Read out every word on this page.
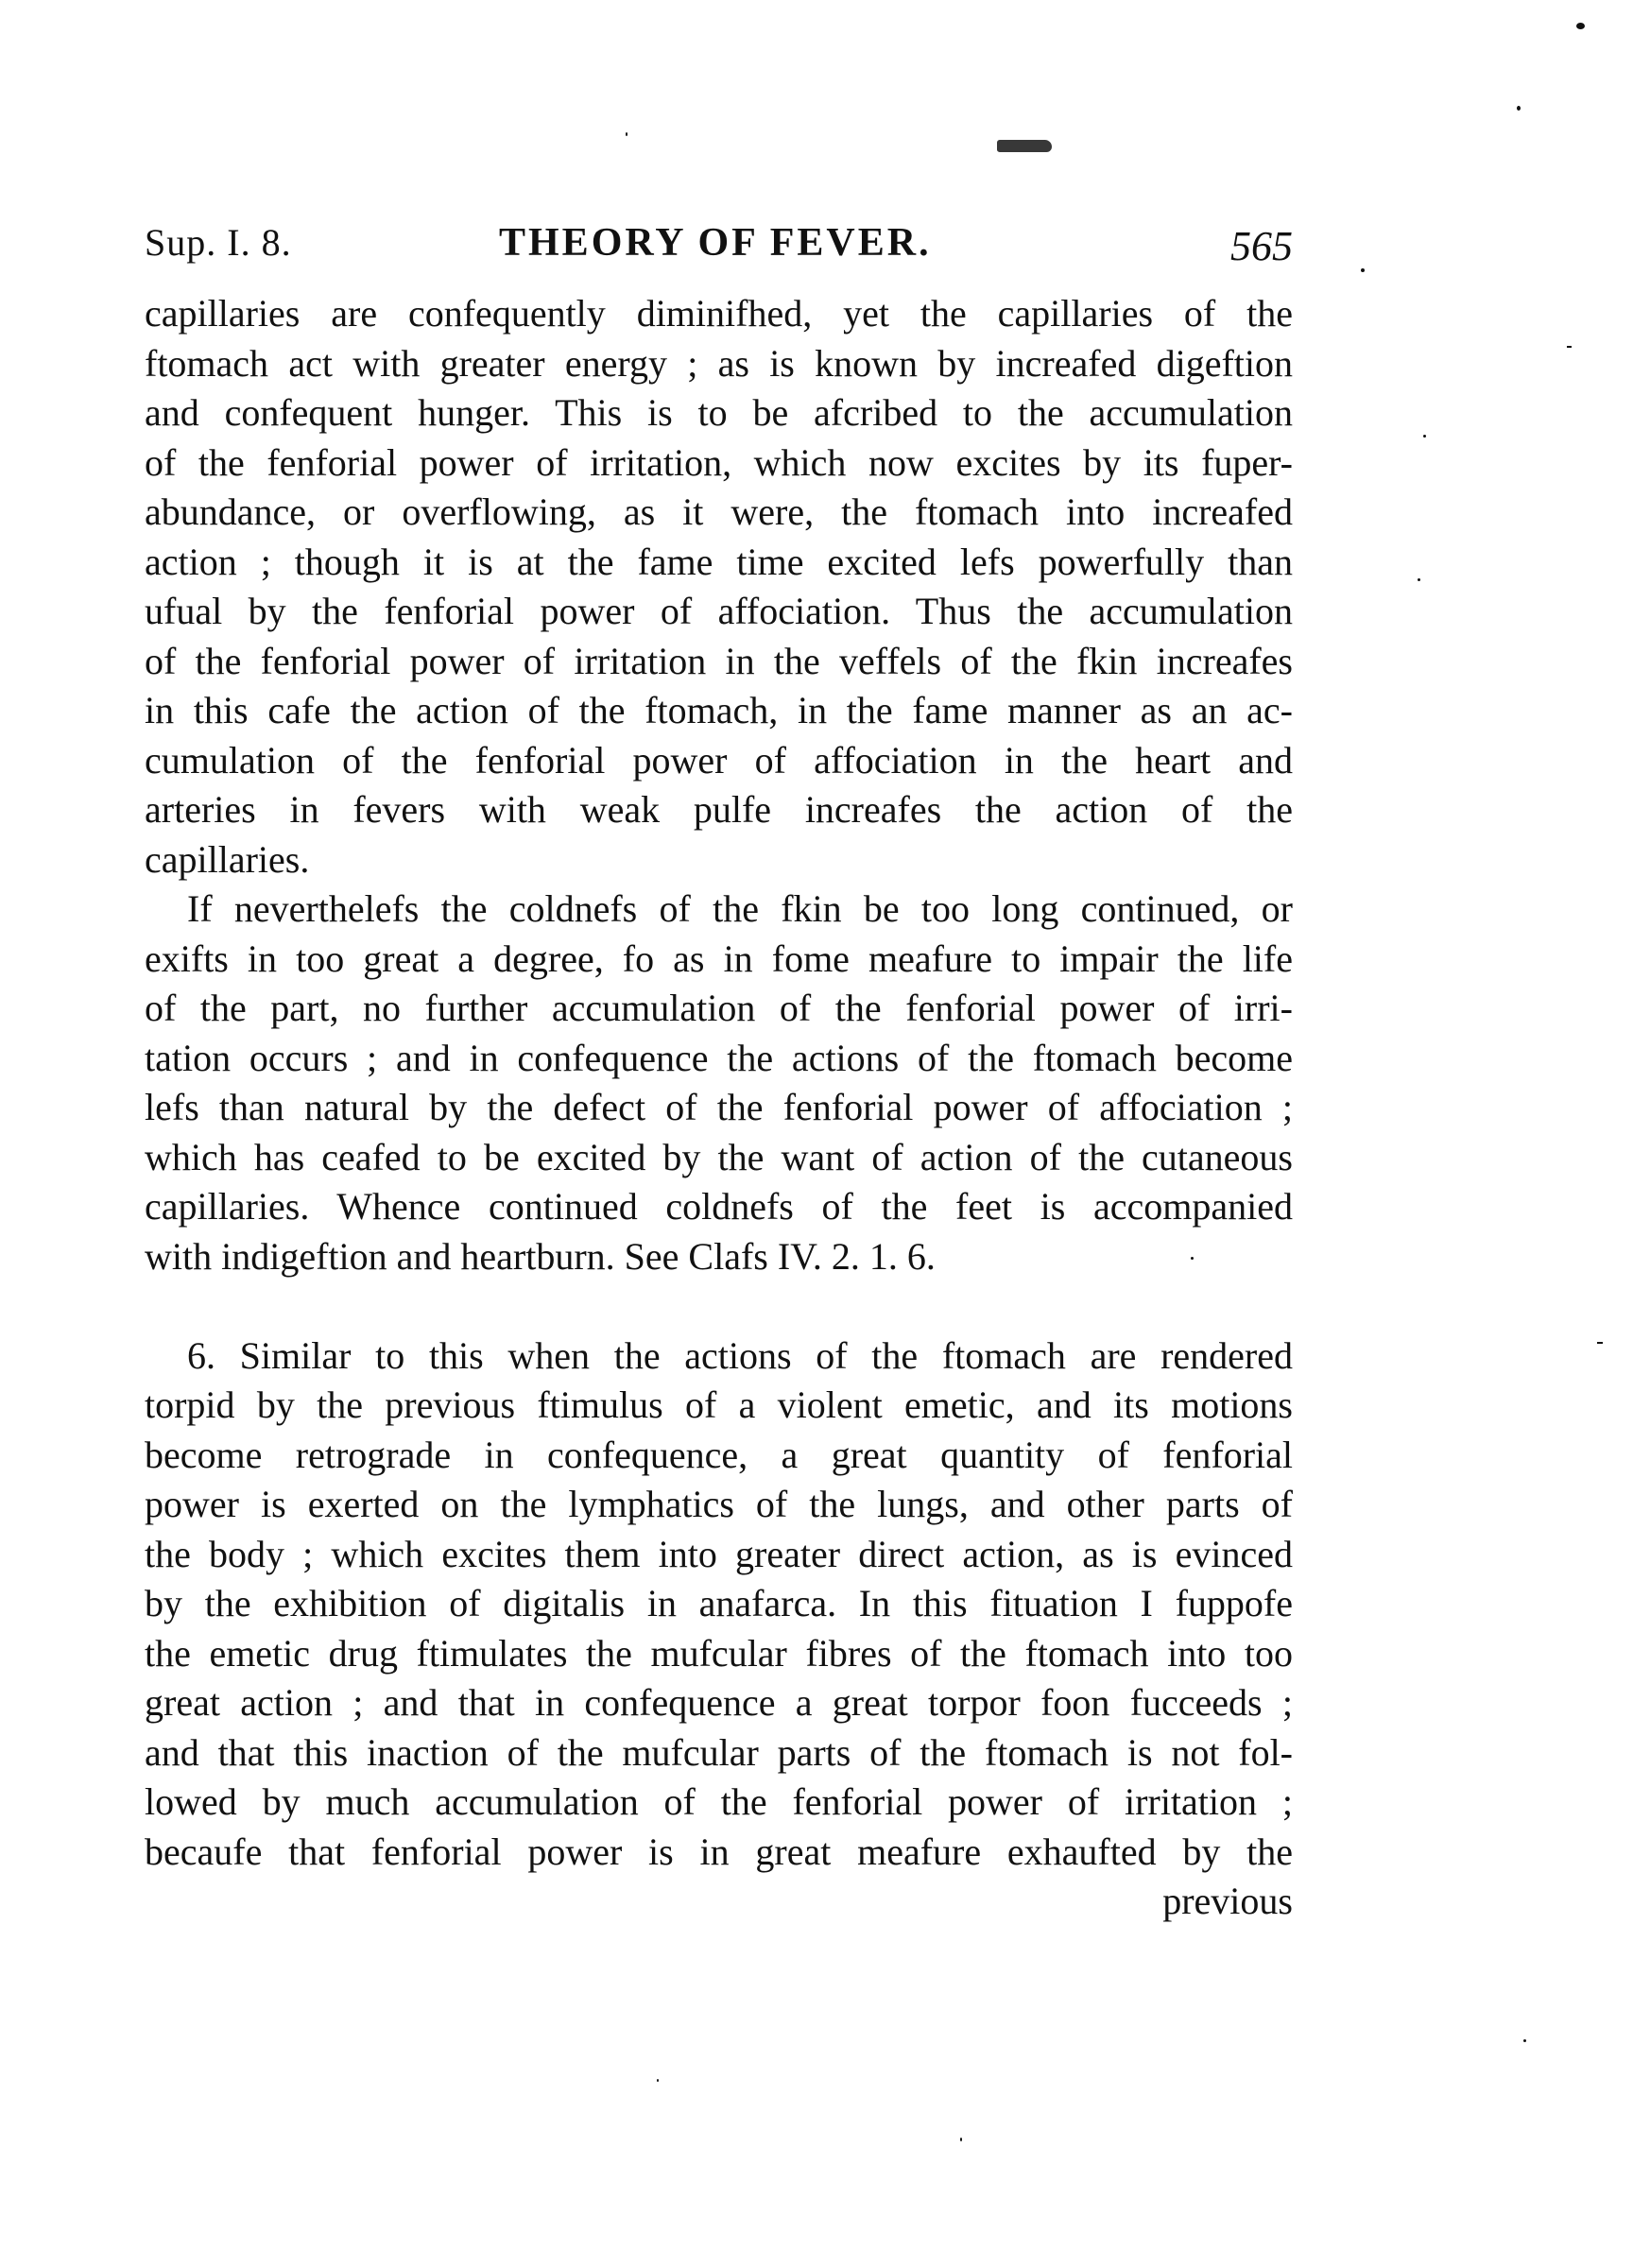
Sup. I. 8.	THEORY OF FEVER.	565
capillaries are confequently diminifhed, yet the capillaries of the
ftomach act with greater energy ; as is known by increafed digeftion
and confequent hunger. This is to be afcribed to the accumulation
of the fenforial power of irritation, which now excites by its fuper-
abundance, or overflowing, as it were, the ftomach into increafed
action ; though it is at the fame time excited lefs powerfully than
ufual by the fenforial power of affociation. Thus the accumulation
of the fenforial power of irritation in the veffels of the fkin increafes
in this cafe the action of the ftomach, in the fame manner as an ac-
cumulation of the fenforial power of affociation in the heart and
arteries in fevers with weak pulfe increafes the action of the
capillaries.
If neverthelefs the coldnefs of the fkin be too long continued, or
exifts in too great a degree, fo as in fome meafure to impair the life
of the part, no further accumulation of the fenforial power of irri-
tation occurs ; and in confequence the actions of the ftomach become
lefs than natural by the defect of the fenforial power of affociation ;
which has ceafed to be excited by the want of action of the cutaneous
capillaries. Whence continued coldnefs of the feet is accompanied
with indigeftion and heartburn. See Clafs IV. 2. 1. 6.
6. Similar to this when the actions of the ftomach are rendered
torpid by the previous ftimulus of a violent emetic, and its motions
become retrograde in confequence, a great quantity of fenforial
power is exerted on the lymphatics of the lungs, and other parts of
the body ; which excites them into greater direct action, as is evinced
by the exhibition of digitalis in anafarca. In this fituation I fuppofe
the emetic drug ftimulates the mufcular fibres of the ftomach into too
great action ; and that in confequence a great torpor foon fucceeds ;
and that this inaction of the mufcular parts of the ftomach is not fol-
lowed by much accumulation of the fenforial power of irritation ;
becaufe that fenforial power is in great meafure exhaufted by the
previous
